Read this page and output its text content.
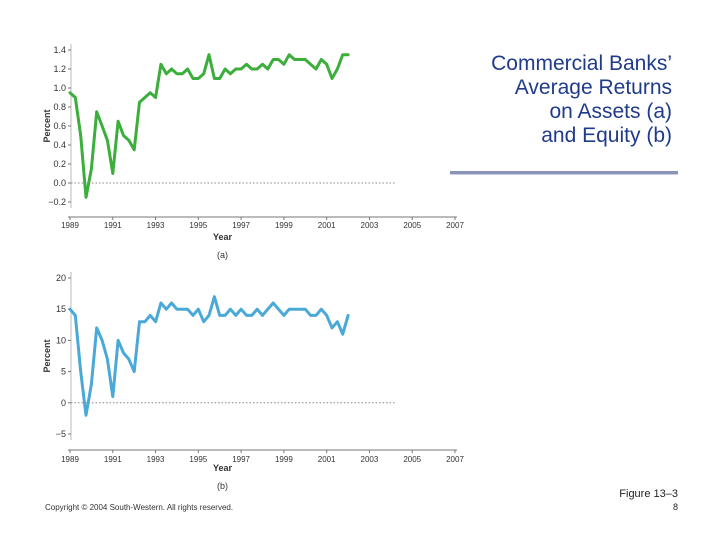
−0.2
0.0
0.2
0.4
0.6
0.8
1.0
1.2
1.4
1989	1991	1993	1995	1997	1999	2001	2003	2005	2007
Year
Percent
(a)
−5
0
5
10
15
20
1989	1991	1993	1995	1997	1999	2001	2003	2005	2007
Year
Percent
(b)
Commercial Banks’
Average Returns
on Assets (a)
and Equity (b)
Copyright © 2004 South-Western. All rights reserved.
Figure 13–3
8
